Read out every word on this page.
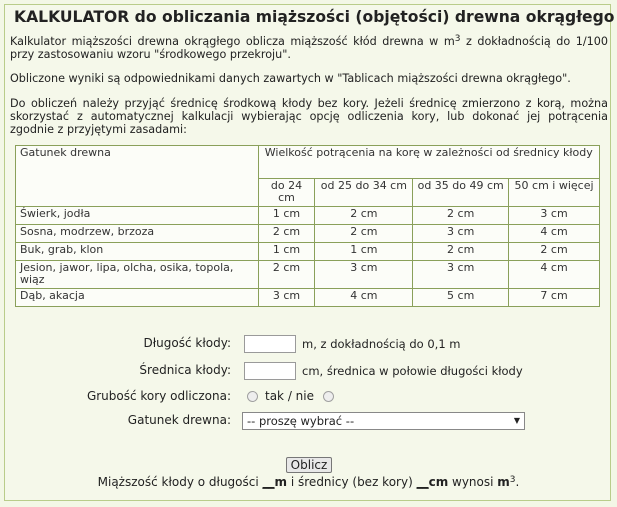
KALKULATOR do obliczania miąższości (objętości) drewna okrągłego
Kalkulator miąższości drewna okrągłego oblicza miąższość kłód drewna w $m^3$ z dokładnością do 1/100 przy zastosowaniu wzoru "środkowego przekroju".
Obliczone wyniki są odpowiednikami danych zawartych w "Tablicach miąższości drewna okrągłego".
Do obliczeń należy przyjąć średnicę środkową kłody bez kory. Jeżeli średnicę zmierzono z korą, można skorzystać z automatycznej kalkulacji wybierając opcję odliczenia kory, lub dokonać jej potrącenia zgodnie z przyjętymi zasadami:
Gatunek drewna	Wielkość potrącenia na korę w zależności od średnicy kłody			
	do 24 cm	od 25 do 34 cm	od 35 do 49 cm	50 cm i więcej
Świerk, jodła	1 cm	2 cm	2 cm	3 cm
Sosna, modrzew, brzoza	2 cm	2 cm	3 cm	4 cm
Buk, grab, klon	1 cm	1 cm	2 cm	2 cm
Jesion, jawor, lipa, olcha, osika, topola, wiąz	2 cm	3 cm	3 cm	4 cm
Dąb, akacja	3 cm	4 cm	5 cm	7 cm
Długość kłody:	m, z dokładnością do 0,1 m
Średnica kłody:	cm, średnica w połowie długości kłody
Grubość kory odliczona:	tak / nie
Gatunek drewna:	-- proszę wybrać --	▼
Oblicz
Miąższość kłody o długości __m i średnicy (bez kory) __cm wynosi $m^3$.
